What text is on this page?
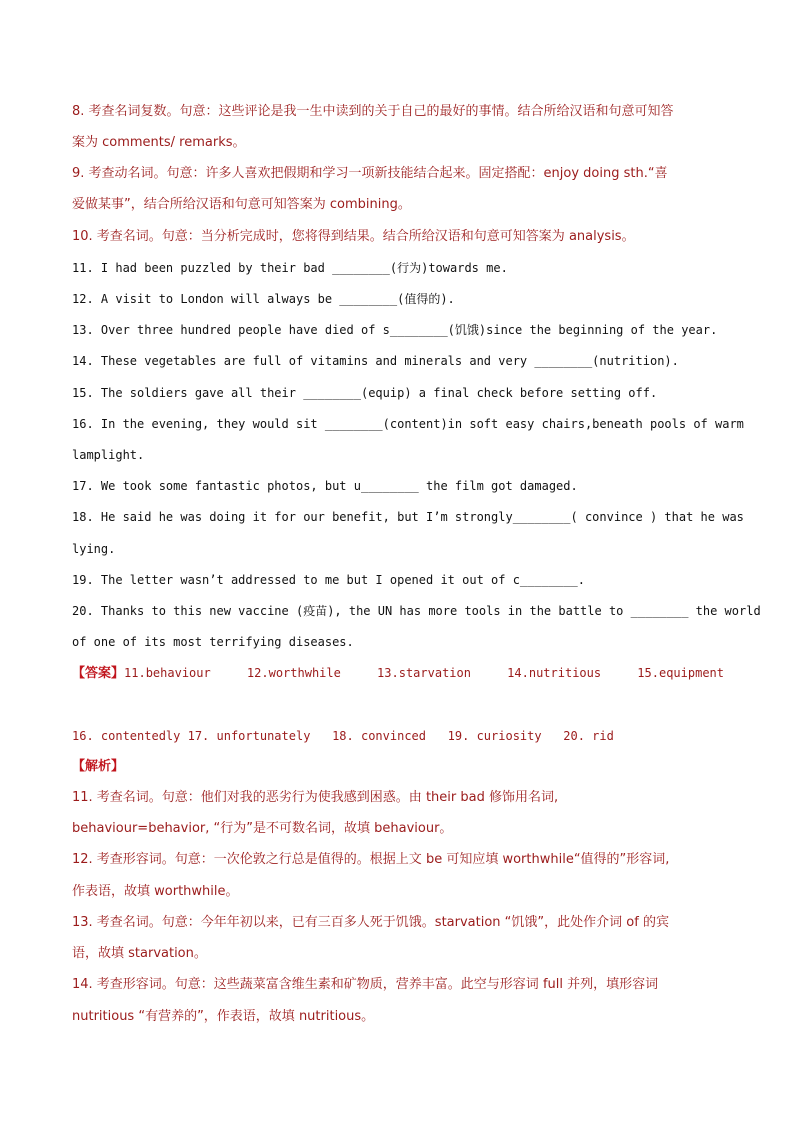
8. 考查名词复数。句意：这些评论是我一生中读到的关于自己的最好的事情。结合所给汉语和句意可知答
案为 comments/ remarks。
9. 考查动名词。句意：许多人喜欢把假期和学习一项新技能结合起来。固定搭配：enjoy doing sth.“喜
爱做某事”，结合所给汉语和句意可知答案为 combining。
10. 考查名词。句意：当分析完成时，您将得到结果。结合所给汉语和句意可知答案为 analysis。
11. I had been puzzled by their bad ________(行为)towards me.
12. A visit to London will always be ________(值得的).
13. Over three hundred people have died of s________(饥饿)since the beginning of the year.
14. These vegetables are full of vitamins and minerals and very ________(nutrition).
15. The soldiers gave all their ________(equip) a final check before setting off.
16. In the evening, they would sit ________(content)in soft easy chairs,beneath pools of warm
lamplight.
17. We took some fantastic photos, but u________ the film got damaged.
18. He said he was doing it for our benefit, but I’m strongly________( convince ) that he was
lying.
19. The letter wasn’t addressed to me but I opened it out of c________.
20. Thanks to this new vaccine (疫苗), the UN has more tools in the battle to ________ the world
of one of its most terrifying diseases.
【答案】11.behaviour	12.worthwhile	13.starvation	14.nutritious	15.equipment
16. contentedly 17. unfortunately   18. convinced   19. curiosity   20. rid
【解析】
11. 考查名词。句意：他们对我的恶劣行为使我感到困惑。由 their bad 修饰用名词,
behaviour=behavior, “行为”是不可数名词，故填 behaviour。
12. 考查形容词。句意：一次伦敦之行总是值得的。根据上文 be 可知应填 worthwhile“值得的”形容词,
作表语，故填 worthwhile。
13. 考查名词。句意：今年年初以来，已有三百多人死于饥饿。starvation “饥饿”，此处作介词 of 的宾
语，故填 starvation。
14. 考查形容词。句意：这些蔬菜富含维生素和矿物质，营养丰富。此空与形容词 full 并列，填形容词
nutritious “有营养的”，作表语，故填 nutritious。
